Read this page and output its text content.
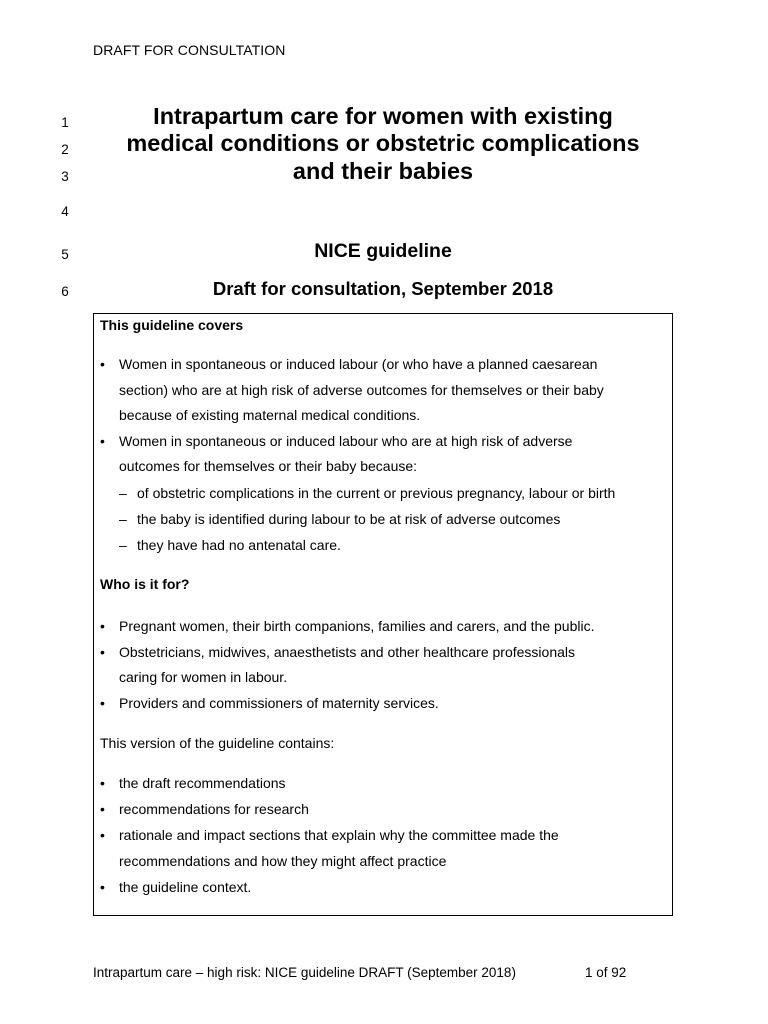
DRAFT FOR CONSULTATION
1
2
3
4
5
6
Intrapartum care for women with existing
medical conditions or obstetric complications
and their babies
NICE guideline
Draft for consultation, September 2018
This guideline covers
• Women in spontaneous or induced labour (or who have a planned caesarean
section) who are at high risk of adverse outcomes for themselves or their baby
because of existing maternal medical conditions.
• Women in spontaneous or induced labour who are at high risk of adverse
outcomes for themselves or their baby because:
– of obstetric complications in the current or previous pregnancy, labour or birth
– the baby is identified during labour to be at risk of adverse outcomes
– they have had no antenatal care.
Who is it for?
• Pregnant women, their birth companions, families and carers, and the public.
• Obstetricians, midwives, anaesthetists and other healthcare professionals
caring for women in labour.
• Providers and commissioners of maternity services.
This version of the guideline contains:
• the draft recommendations
• recommendations for research
• rationale and impact sections that explain why the committee made the
recommendations and how they might affect practice
• the guideline context.
Intrapartum care – high risk: NICE guideline DRAFT (September 2018)	1 of 92
